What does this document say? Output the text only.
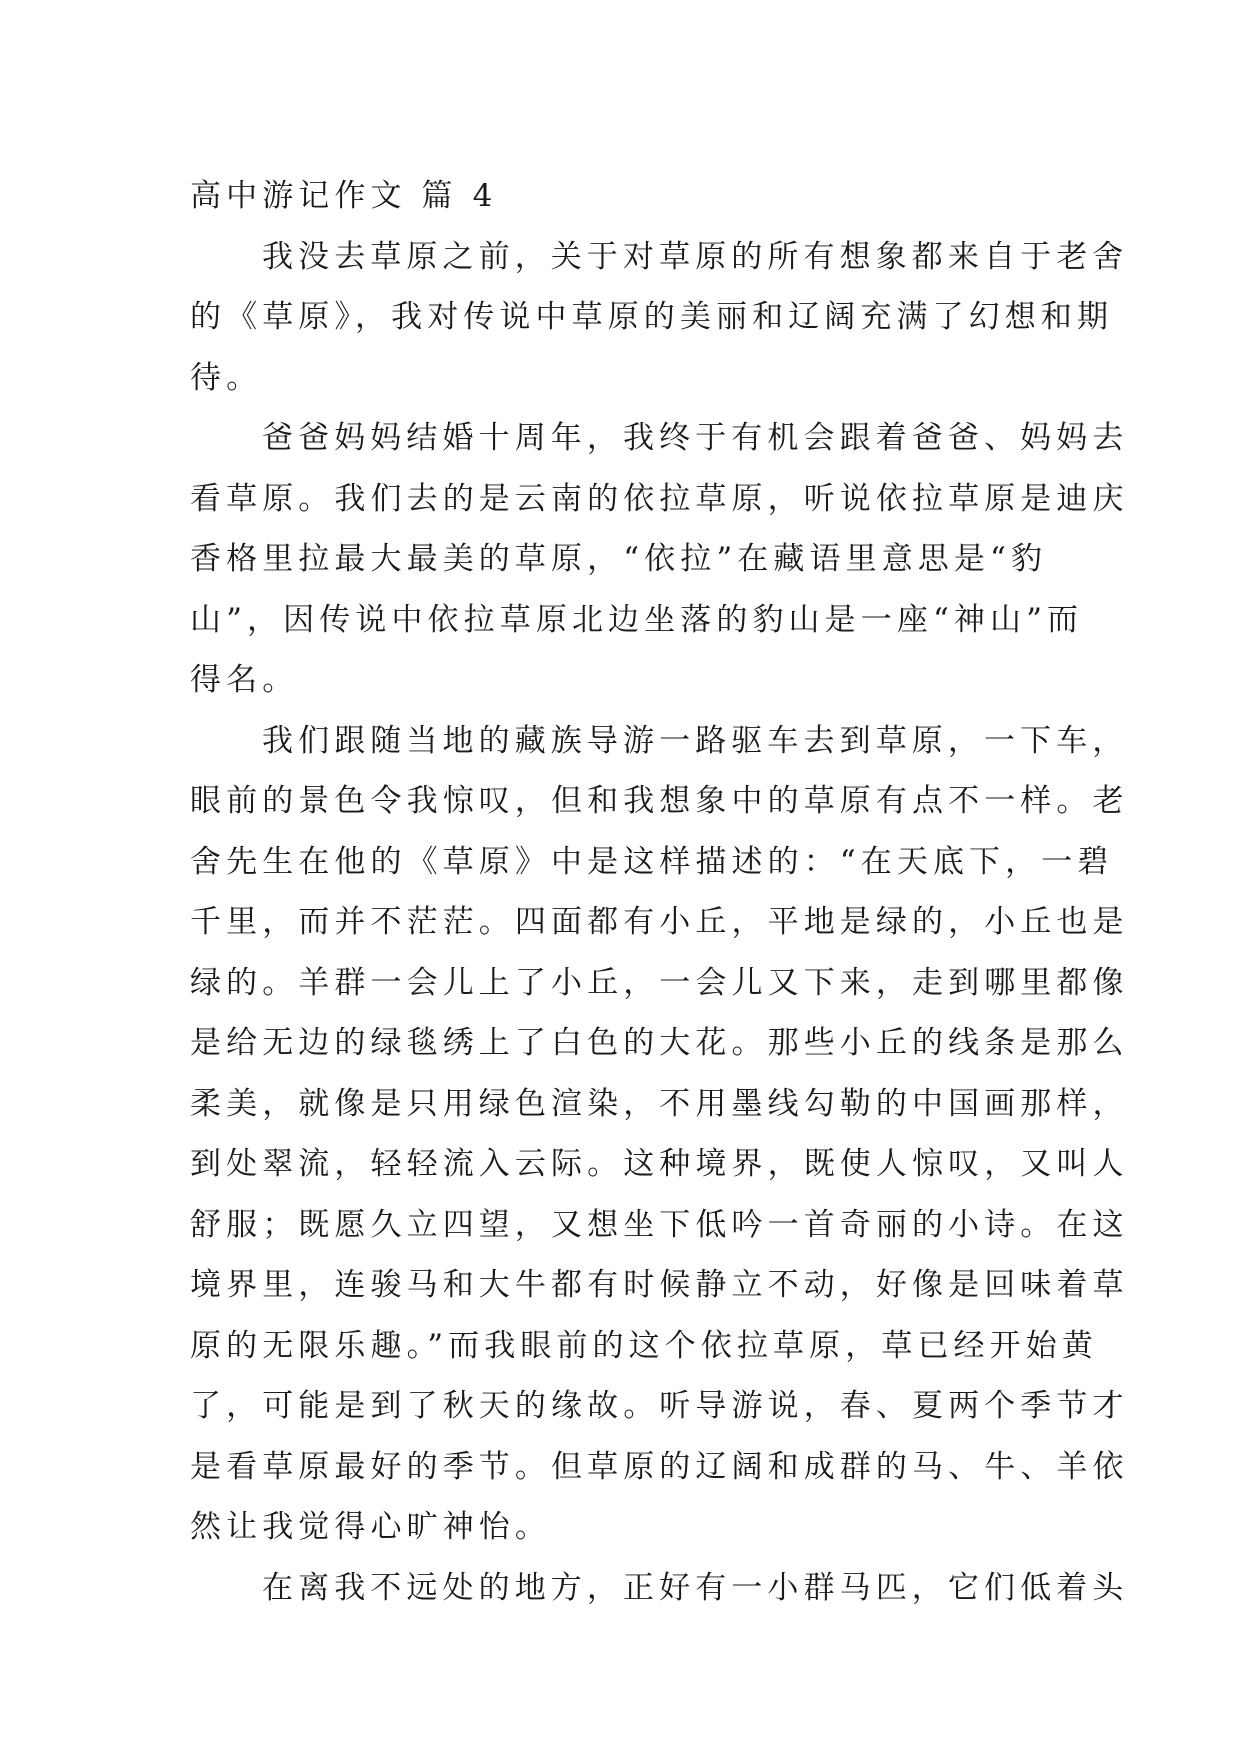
高中游记作文 篇 4

我没去草原之前，关于对草原的所有想象都来自于老舍
的《草原》，我对传说中草原的美丽和辽阔充满了幻想和期
待。

爸爸妈妈结婚十周年，我终于有机会跟着爸爸、妈妈去
看草原。我们去的是云南的依拉草原，听说依拉草原是迪庆
香格里拉最大最美的草原，“依拉”在藏语里意思是“豹
山”，因传说中依拉草原北边坐落的豹山是一座“神山”而
得名。

我们跟随当地的藏族导游一路驱车去到草原，一下车，
眼前的景色令我惊叹，但和我想象中的草原有点不一样。老
舍先生在他的《草原》中是这样描述的：“在天底下，一碧
千里，而并不茫茫。四面都有小丘，平地是绿的，小丘也是
绿的。羊群一会儿上了小丘，一会儿又下来，走到哪里都像
是给无边的绿毯绣上了白色的大花。那些小丘的线条是那么
柔美，就像是只用绿色渲染，不用墨线勾勒的中国画那样，
到处翠流，轻轻流入云际。这种境界，既使人惊叹，又叫人
舒服；既愿久立四望，又想坐下低吟一首奇丽的小诗。在这
境界里，连骏马和大牛都有时候静立不动，好像是回味着草
原的无限乐趣。”而我眼前的这个依拉草原，草已经开始黄
了，可能是到了秋天的缘故。听导游说，春、夏两个季节才
是看草原最好的季节。但草原的辽阔和成群的马、牛、羊依
然让我觉得心旷神怡。

在离我不远处的地方，正好有一小群马匹，它们低着头
